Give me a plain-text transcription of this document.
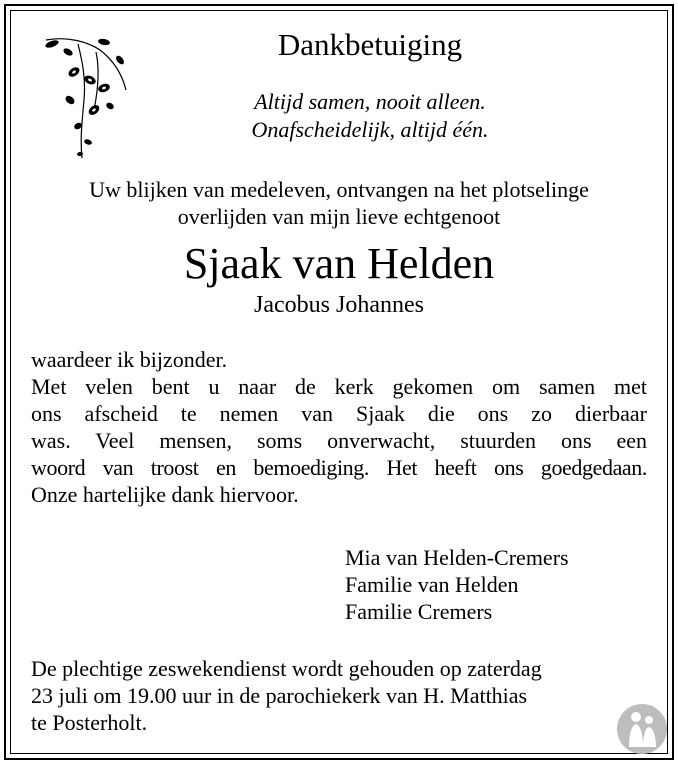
Dankbetuiging
Altijd samen, nooit alleen.
Onafscheidelijk, altijd één.
Uw blijken van medeleven, ontvangen na het plotselinge
overlijden van mijn lieve echtgenoot
Sjaak van Helden
Jacobus Johannes
waardeer ik bijzonder.
Met velen bent u naar de kerk gekomen om samen met
ons afscheid te nemen van Sjaak die ons zo dierbaar
was. Veel mensen, soms onverwacht, stuurden ons een
woord van troost en bemoediging. Het heeft ons goedgedaan.
Onze hartelijke dank hiervoor.
Mia van Helden-Cremers
Familie van Helden
Familie Cremers
De plechtige zeswekendienst wordt gehouden op zaterdag
23 juli om 19.00 uur in de parochiekerk van H. Matthias
te Posterholt.
